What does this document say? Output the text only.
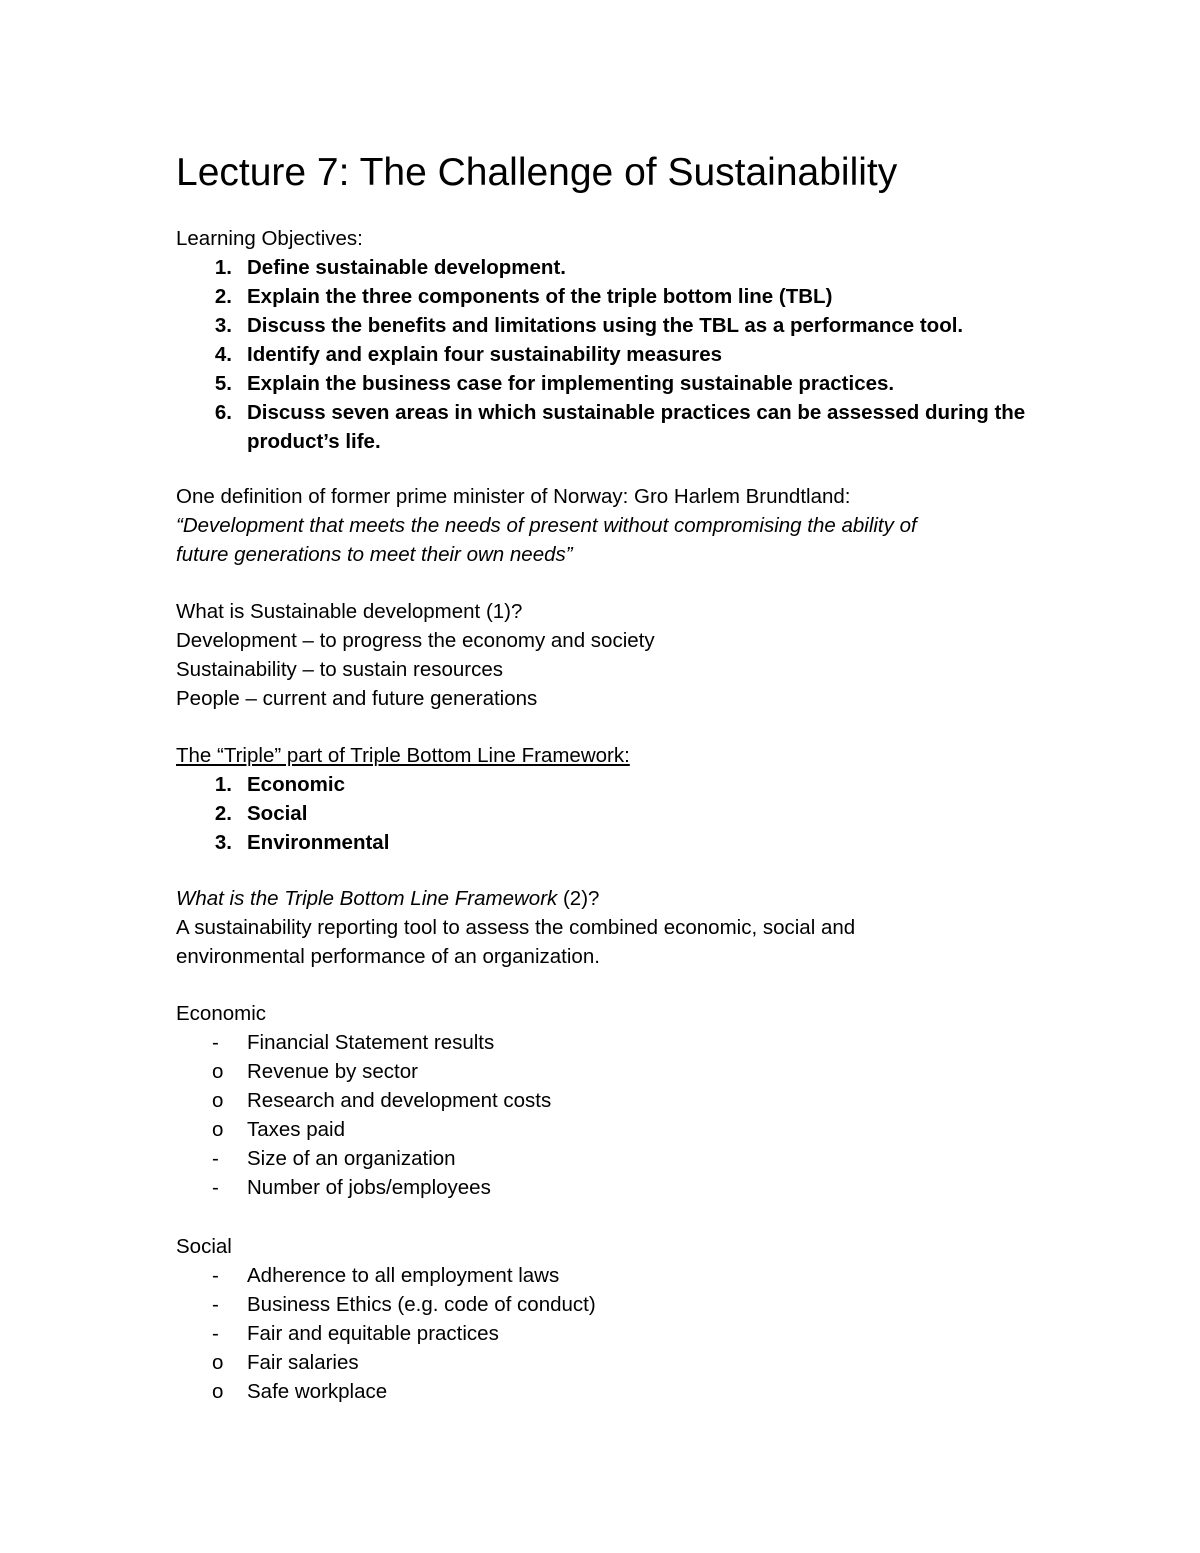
Lecture 7: The Challenge of Sustainability

Learning Objectives:

1. Define sustainable development.
2. Explain the three components of the triple bottom line (TBL)
3. Discuss the benefits and limitations using the TBL as a performance tool.
4. Identify and explain four sustainability measures
5. Explain the business case for implementing sustainable practices.
6. Discuss seven areas in which sustainable practices can be assessed during the product’s life.

One definition of former prime minister of Norway: Gro Harlem Brundtland:

“Development that meets the needs of present without compromising the ability of

future generations to meet their own needs”

What is Sustainable development (1)?

Development – to progress the economy and society

Sustainability – to sustain resources

People – current and future generations

The “Triple” part of Triple Bottom Line Framework:

1. Economic
2. Social
3. Environmental

What is the Triple Bottom Line Framework (2)?

A sustainability reporting tool to assess the combined economic, social and

environmental performance of an organization.

Economic

- Financial Statement results
o Revenue by sector
o Research and development costs
o Taxes paid
- Size of an organization
- Number of jobs/employees

Social

- Adherence to all employment laws
- Business Ethics (e.g. code of conduct)
- Fair and equitable practices
o Fair salaries
o Safe workplace
